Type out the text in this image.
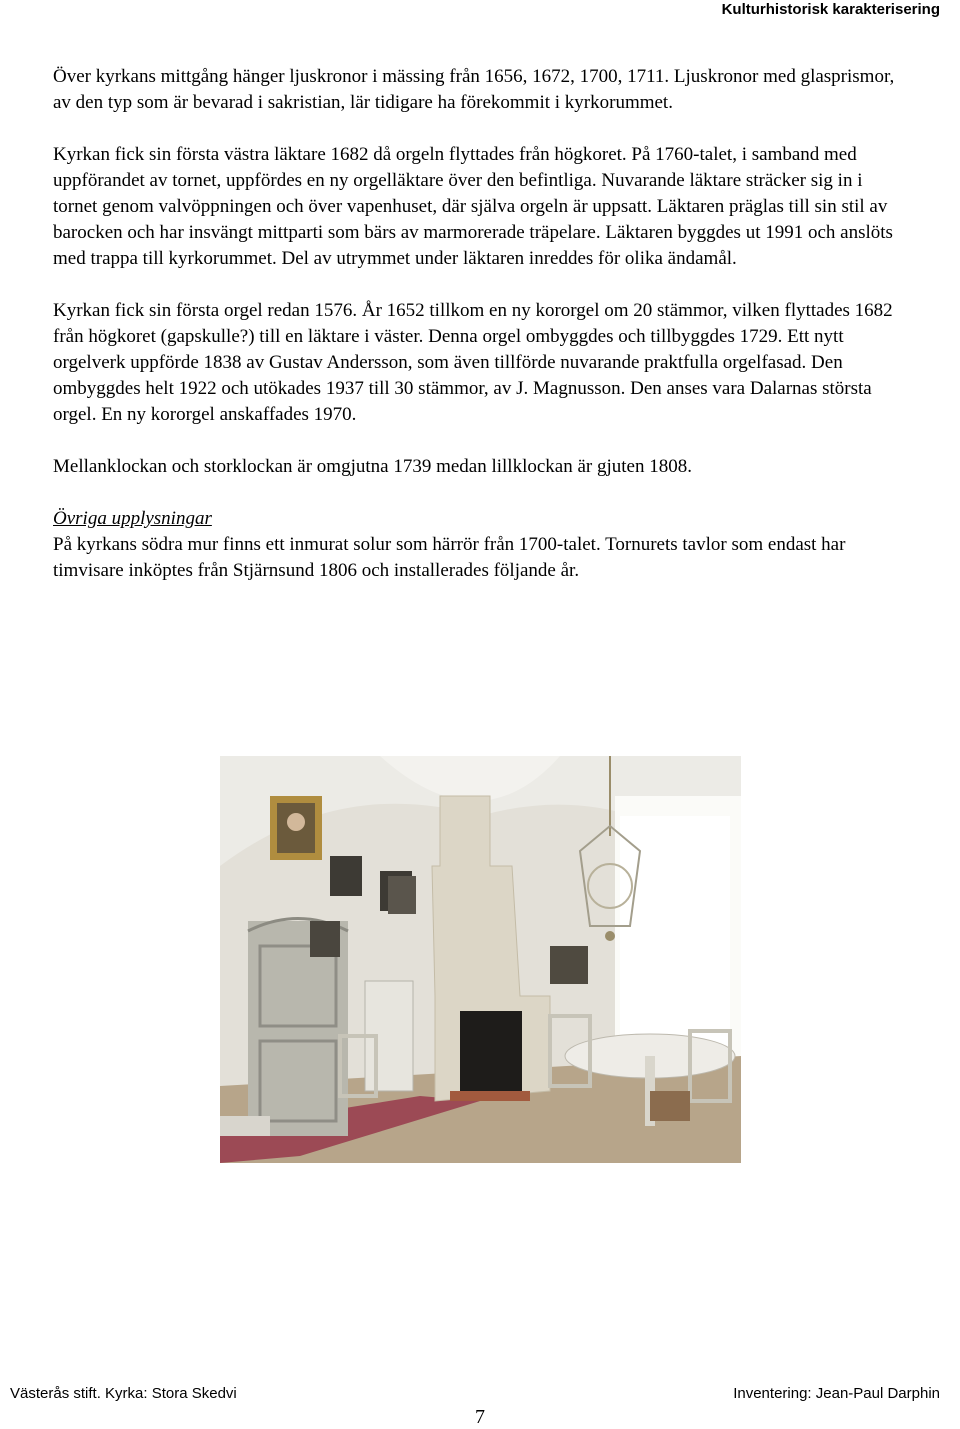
Kulturhistorisk karakterisering

Över kyrkans mittgång hänger ljuskronor i mässing från 1656, 1672, 1700, 1711. Ljuskronor med glasprismor, av den typ som är bevarad i sakristian, lär tidigare ha förekommit i kyrkorummet.

Kyrkan fick sin första västra läktare 1682 då orgeln flyttades från högkoret. På 1760-talet, i samband med uppförandet av tornet, uppfördes en ny orgelläktare över den befintliga. Nuvarande läktare sträcker sig in i tornet genom valvöppningen och över vapenhuset, där själva orgeln är uppsatt. Läktaren präglas till sin stil av barocken och har insvängt mittparti som bärs av marmorerade träpelare. Läktaren byggdes ut 1991 och anslöts med trappa till kyrkorummet. Del av utrymmet under läktaren inreddes för olika ändamål.

Kyrkan fick sin första orgel redan 1576. År 1652 tillkom en ny kororgel om 20 stämmor, vilken flyttades 1682 från högkoret (gapskulle?) till en läktare i väster. Denna orgel ombyggdes och tillbyggdes 1729. Ett nytt orgelverk uppförde 1838 av Gustav Andersson, som även tillförde nuvarande praktfulla orgelfasad. Den ombyggdes helt 1922 och utökades 1937 till 30 stämmor, av J. Magnusson. Den anses vara Dalarnas största orgel. En ny kororgel anskaffades 1970.

Mellanklockan och storklockan är omgjutna 1739 medan lillklockan är gjuten 1808.

Övriga upplysningar
På kyrkans södra mur finns ett inmurat solur som härrör från 1700-talet. Tornurets tavlor som endast har timvisare inköptes från Stjärnsund 1806 och installerades följande år.

Västerås stift. Kyrka: Stora Skedvi	Inventering: Jean-Paul Darphin
7
